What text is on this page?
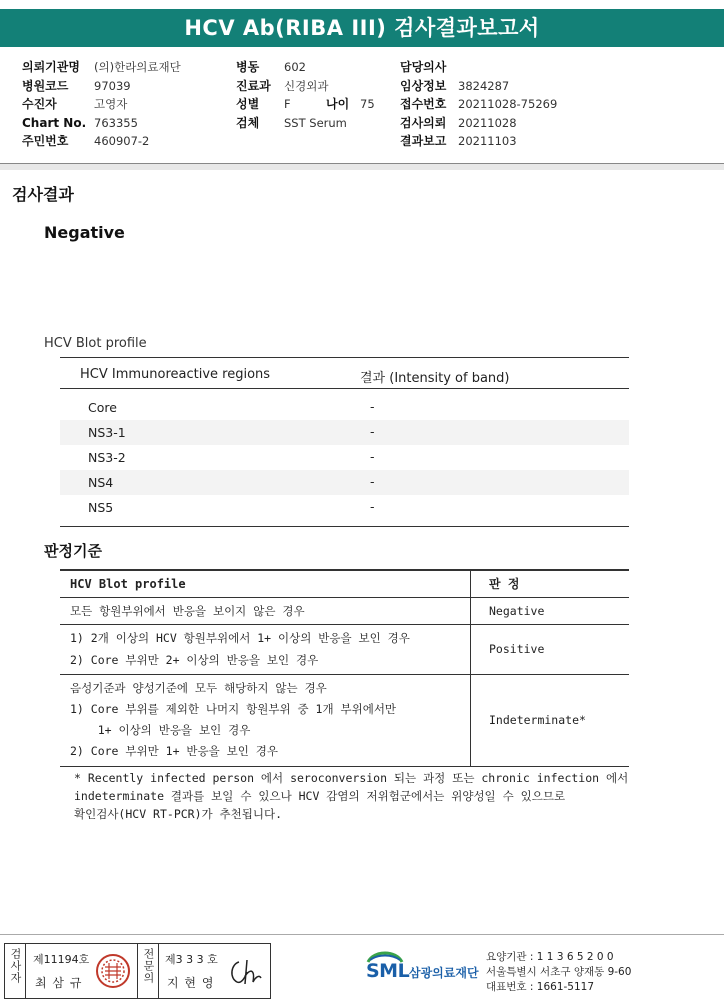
HCV Ab(RIBA III) 검사결과보고서
의뢰기관명 (의)한라의료재단
병원코드 97039
수진자	고영자
Chart No. 763355
주민번호 460907-2
병동 602
진료과 신경외과
성별 F	나이 75
검체 SST Serum
담당의사
임상정보 3824287
접수번호 20211028-75269
검사의뢰 20211028
결과보고 20211103
검사결과
Negative
HCV Blot profile
HCV Immunoreactive regions	결과 (Intensity of band)
Core	-
NS3-1	-
NS3-2	-
NS4	-
NS5	-
판정기준
HCV Blot profile	판 정

모든 항원부위에서 반응을 보이지 않은 경우	Negative

1) 2개 이상의 HCV 항원부위에서 1+ 이상의 반응을 보인 경우
2) Core 부위만 2+ 이상의 반응을 보인 경우	Positive

음성기준과 양성기준에 모두 해당하지 않는 경우
1) Core 부위를 제외한 나머지 항원부위 중 1개 부위에서만
1+ 이상의 반응을 보인 경우
2) Core 부위만 1+ 반응을 보인 경우	Indeterminate*
* Recently infected person 에서 seroconversion 되는 과정 또는 chronic infection 에서
indeterminate 결과를 보일 수 있으나 HCV 감염의 저위험군에서는 위양성일 수 있으므로
확인검사(HCV RT-PCR)가 추천됩니다.
검사자 제11194호
최 삼 규	전문의 제3 3 3 호
지 현 영
SML 삼광의료재단
요양기관 : 1 1 3 6 5 2 0 0
서울특별시 서초구 양재동 9-60
대표번호 : 1661-5117
